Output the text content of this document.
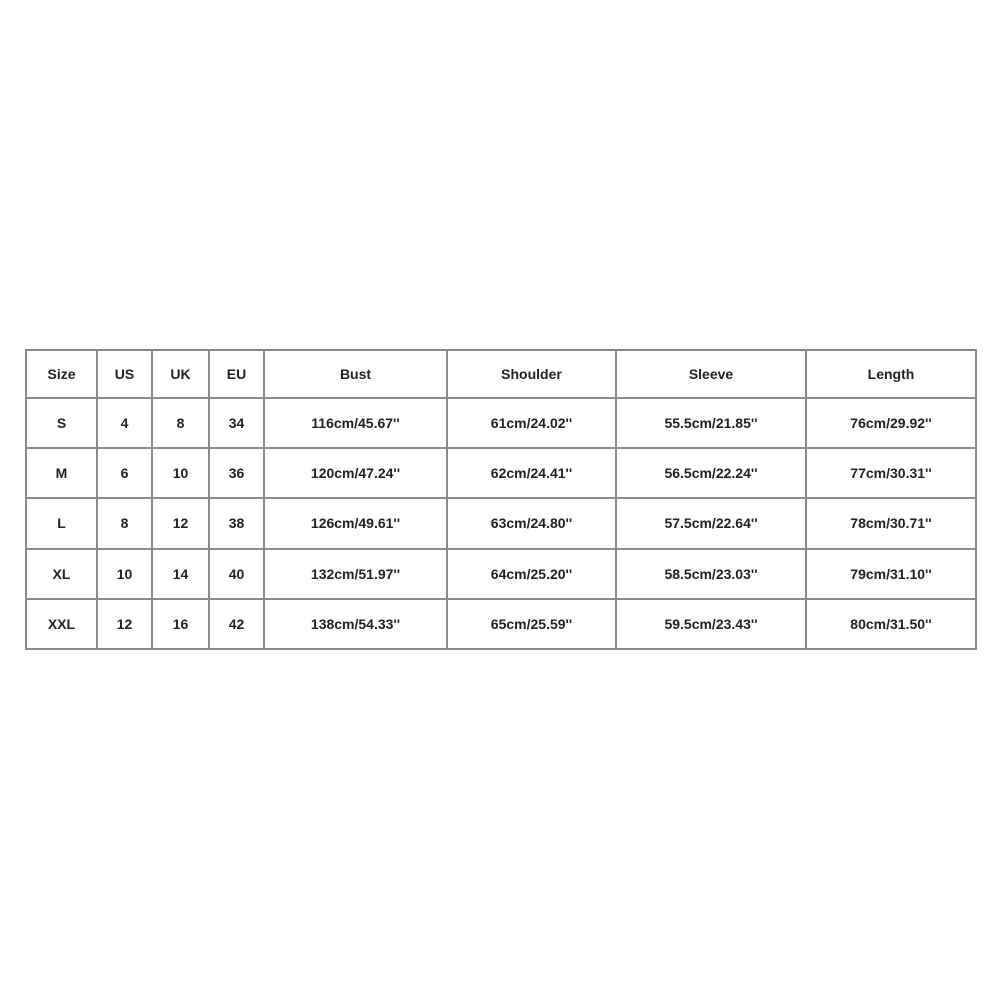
Size	US	UK	EU	Bust	Shoulder	Sleeve	Length
S	4	8	34	116cm/45.67''	61cm/24.02''	55.5cm/21.85''	76cm/29.92''
M	6	10	36	120cm/47.24''	62cm/24.41''	56.5cm/22.24''	77cm/30.31''
L	8	12	38	126cm/49.61''	63cm/24.80''	57.5cm/22.64''	78cm/30.71''
XL	10	14	40	132cm/51.97''	64cm/25.20''	58.5cm/23.03''	79cm/31.10''
XXL	12	16	42	138cm/54.33''	65cm/25.59''	59.5cm/23.43''	80cm/31.50''
